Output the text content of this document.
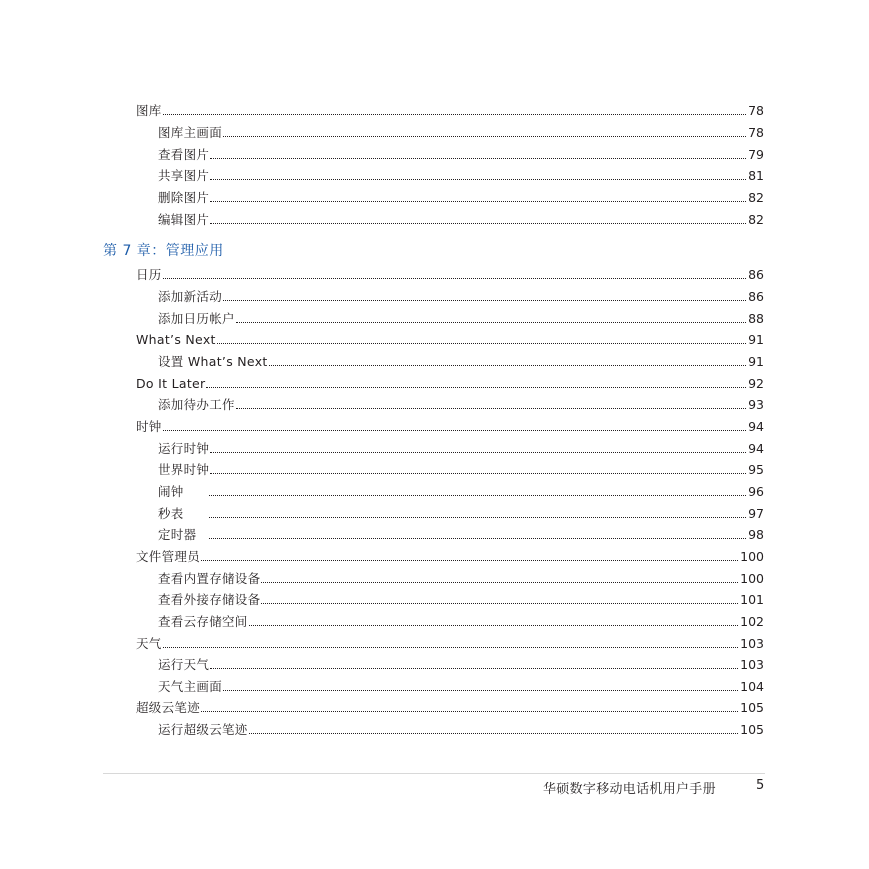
图库	78
图库主画面	78
查看图片	79
共享图片	81
删除图片	82
编辑图片	82
第 7 章：管理应用
日历	86
添加新活动	86
添加日历帐户	88
What’s Next	91
设置 What’s Next	91
Do It Later	92
添加待办工作	93
时钟	94
运行时钟	94
世界时钟	95
闹钟	96
秒表	97
定时器	98
文件管理员	100
查看内置存储设备	100
查看外接存储设备	101
查看云存储空间	102
天气	103
运行天气	103
天气主画面	104
超级云笔迹	105
运行超级云笔迹	105
华硕数字移动电话机用户手册	5
